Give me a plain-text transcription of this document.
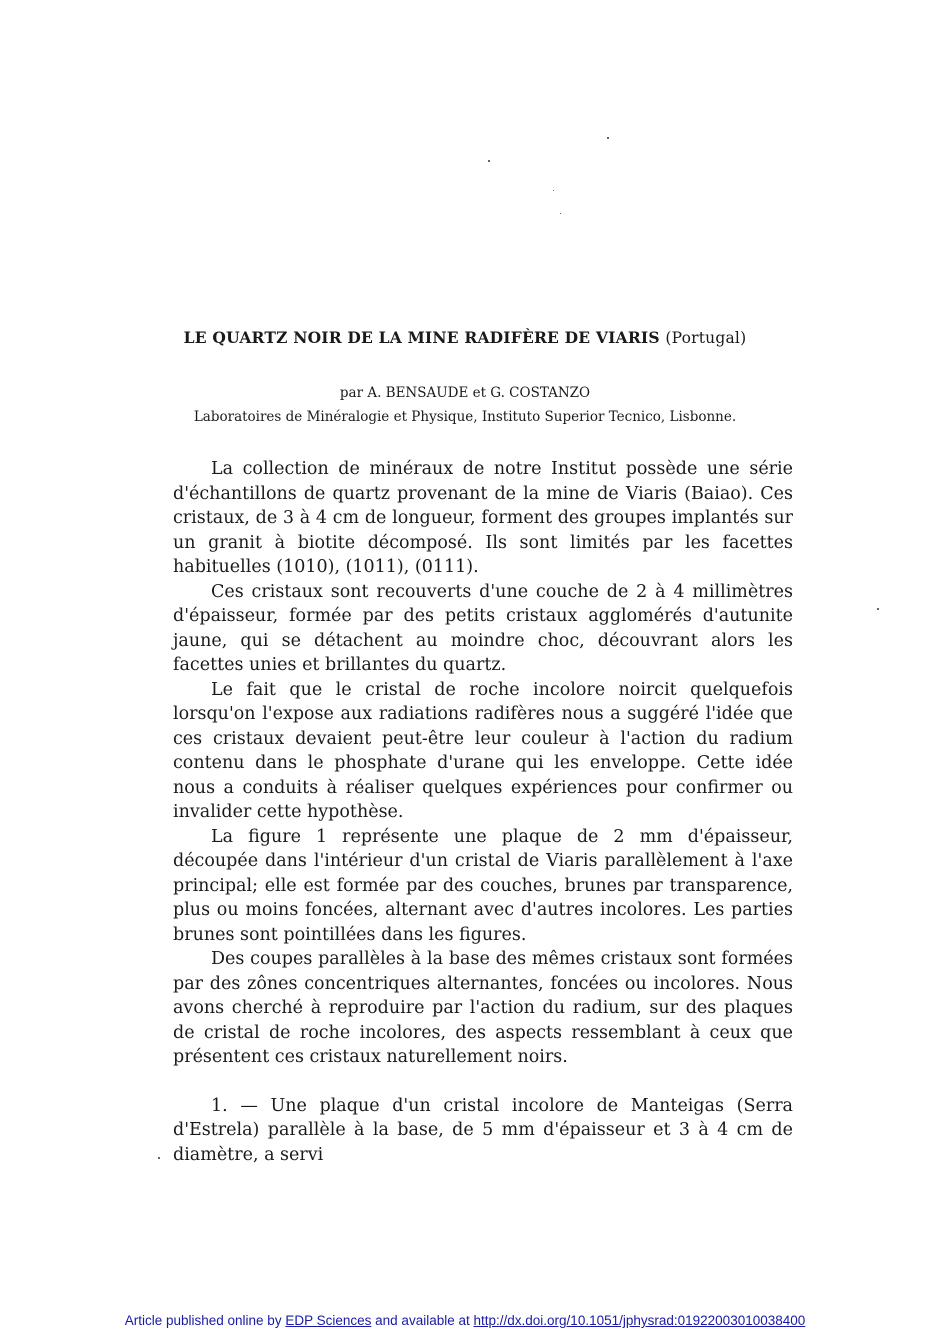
LE QUARTZ NOIR DE LA MINE RADIFÈRE DE VIARIS (Portugal)
par A. BENSAUDE et G. COSTANZO
Laboratoires de Minéralogie et Physique, Instituto Superior Tecnico, Lisbonne.

La collection de minéraux de notre Institut possède une série d'échantillons de quartz provenant de la mine de Viaris (Baiao). Ces cristaux, de 3 à 4 cm de longueur, forment des groupes implantés sur un granit à biotite décomposé. Ils sont limités par les facettes habituelles (1010), (1011), (0111).

Ces cristaux sont recouverts d'une couche de 2 à 4 millimètres d'épaisseur, formée par des petits cristaux agglomérés d'autunite jaune, qui se détachent au moindre choc, découvrant alors les facettes unies et brillantes du quartz.

Le fait que le cristal de roche incolore noircit quelquefois lorsqu'on l'expose aux radiations radifères nous a suggéré l'idée que ces cristaux devaient peut-être leur couleur à l'action du radium contenu dans le phosphate d'urane qui les enveloppe. Cette idée nous a conduits à réaliser quelques expériences pour confirmer ou invalider cette hypothèse.

La figure 1 représente une plaque de 2 mm d'épaisseur, découpée dans l'intérieur d'un cristal de Viaris parallèlement à l'axe principal; elle est formée par des couches, brunes par transparence, plus ou moins foncées, alternant avec d'autres incolores. Les parties brunes sont pointillées dans les figures.

Des coupes parallèles à la base des mêmes cristaux sont formées par des zônes concentriques alternantes, foncées ou incolores. Nous avons cherché à reproduire par l'action du radium, sur des plaques de cristal de roche incolores, des aspects ressemblant à ceux que présentent ces cristaux naturellement noirs.

1. — Une plaque d'un cristal incolore de Manteigas (Serra d'Estrela) parallèle à la base, de 5 mm d'épaisseur et 3 à 4 cm de diamètre, a servi

Article published online by EDP Sciences and available at http://dx.doi.org/10.1051/jphysrad:01922003010038400
